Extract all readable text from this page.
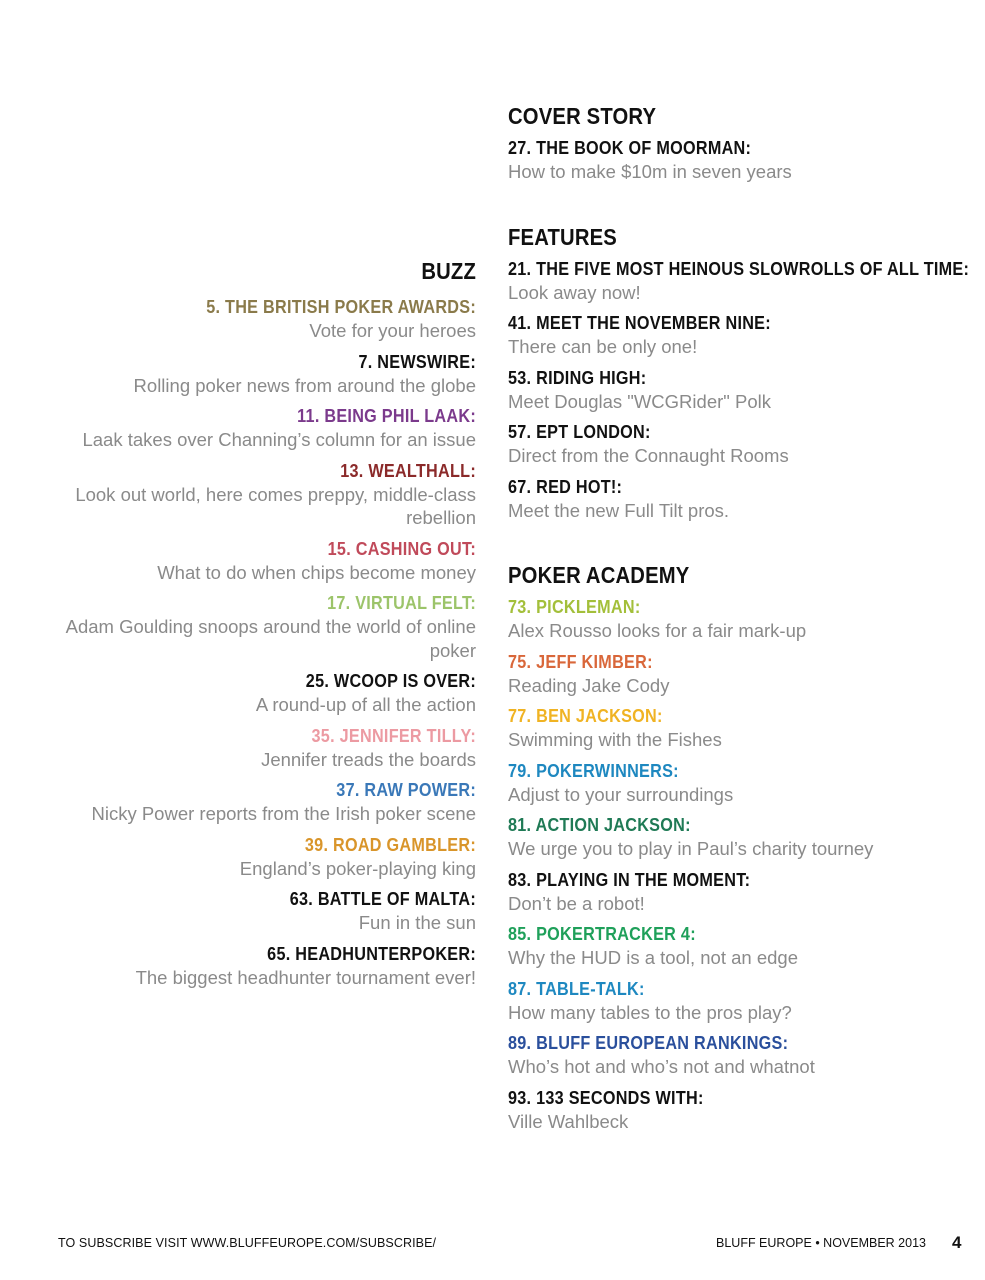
BUZZ
5. THE BRITISH POKER AWARDS:
Vote for your heroes
7. NEWSWIRE:
Rolling poker news from around the globe
11. BEING PHIL LAAK:
Laak takes over Channing’s column for an issue
13. WEALTHALL:
Look out world, here comes preppy, middle-class rebellion
15. CASHING OUT:
What to do when chips become money
17. VIRTUAL FELT:
Adam Goulding snoops around the world of online poker
25. WCOOP IS OVER:
A round-up of all the action
35. JENNIFER TILLY:
Jennifer treads the boards
37. RAW POWER:
Nicky Power reports from the Irish poker scene
39. ROAD GAMBLER:
England’s poker-playing king
63. BATTLE OF MALTA:
Fun in the sun
65. HEADHUNTERPOKER:
The biggest headhunter tournament ever!
COVER STORY
27. THE BOOK OF MOORMAN:
How to make $10m in seven years
FEATURES
21. THE FIVE MOST HEINOUS SLOWROLLS OF ALL TIME:
Look away now!
41. MEET THE NOVEMBER NINE:
There can be only one!
53. RIDING HIGH:
Meet Douglas "WCGRider" Polk
57. EPT LONDON:
Direct from the Connaught Rooms
67. RED HOT!:
Meet the new Full Tilt pros.
POKER ACADEMY
73. PICKLEMAN:
Alex Rousso looks for a fair mark-up
75. JEFF KIMBER:
Reading Jake Cody
77. BEN JACKSON:
Swimming with the Fishes
79. POKERWINNERS:
Adjust to your surroundings
81. ACTION JACKSON:
We urge you to play in Paul’s charity tourney
83. PLAYING IN THE MOMENT:
Don’t be a robot!
85. POKERTRACKER 4:
Why the HUD is a tool, not an edge
87. TABLE-TALK:
How many tables to the pros play?
89. BLUFF EUROPEAN RANKINGS:
Who’s hot and who’s not and whatnot
93. 133 SECONDS WITH:
Ville Wahlbeck
TO SUBSCRIBE VISIT WWW.BLUFFEUROPE.COM/SUBSCRIBE/	BLUFF EUROPE • NOVEMBER 2013 4
